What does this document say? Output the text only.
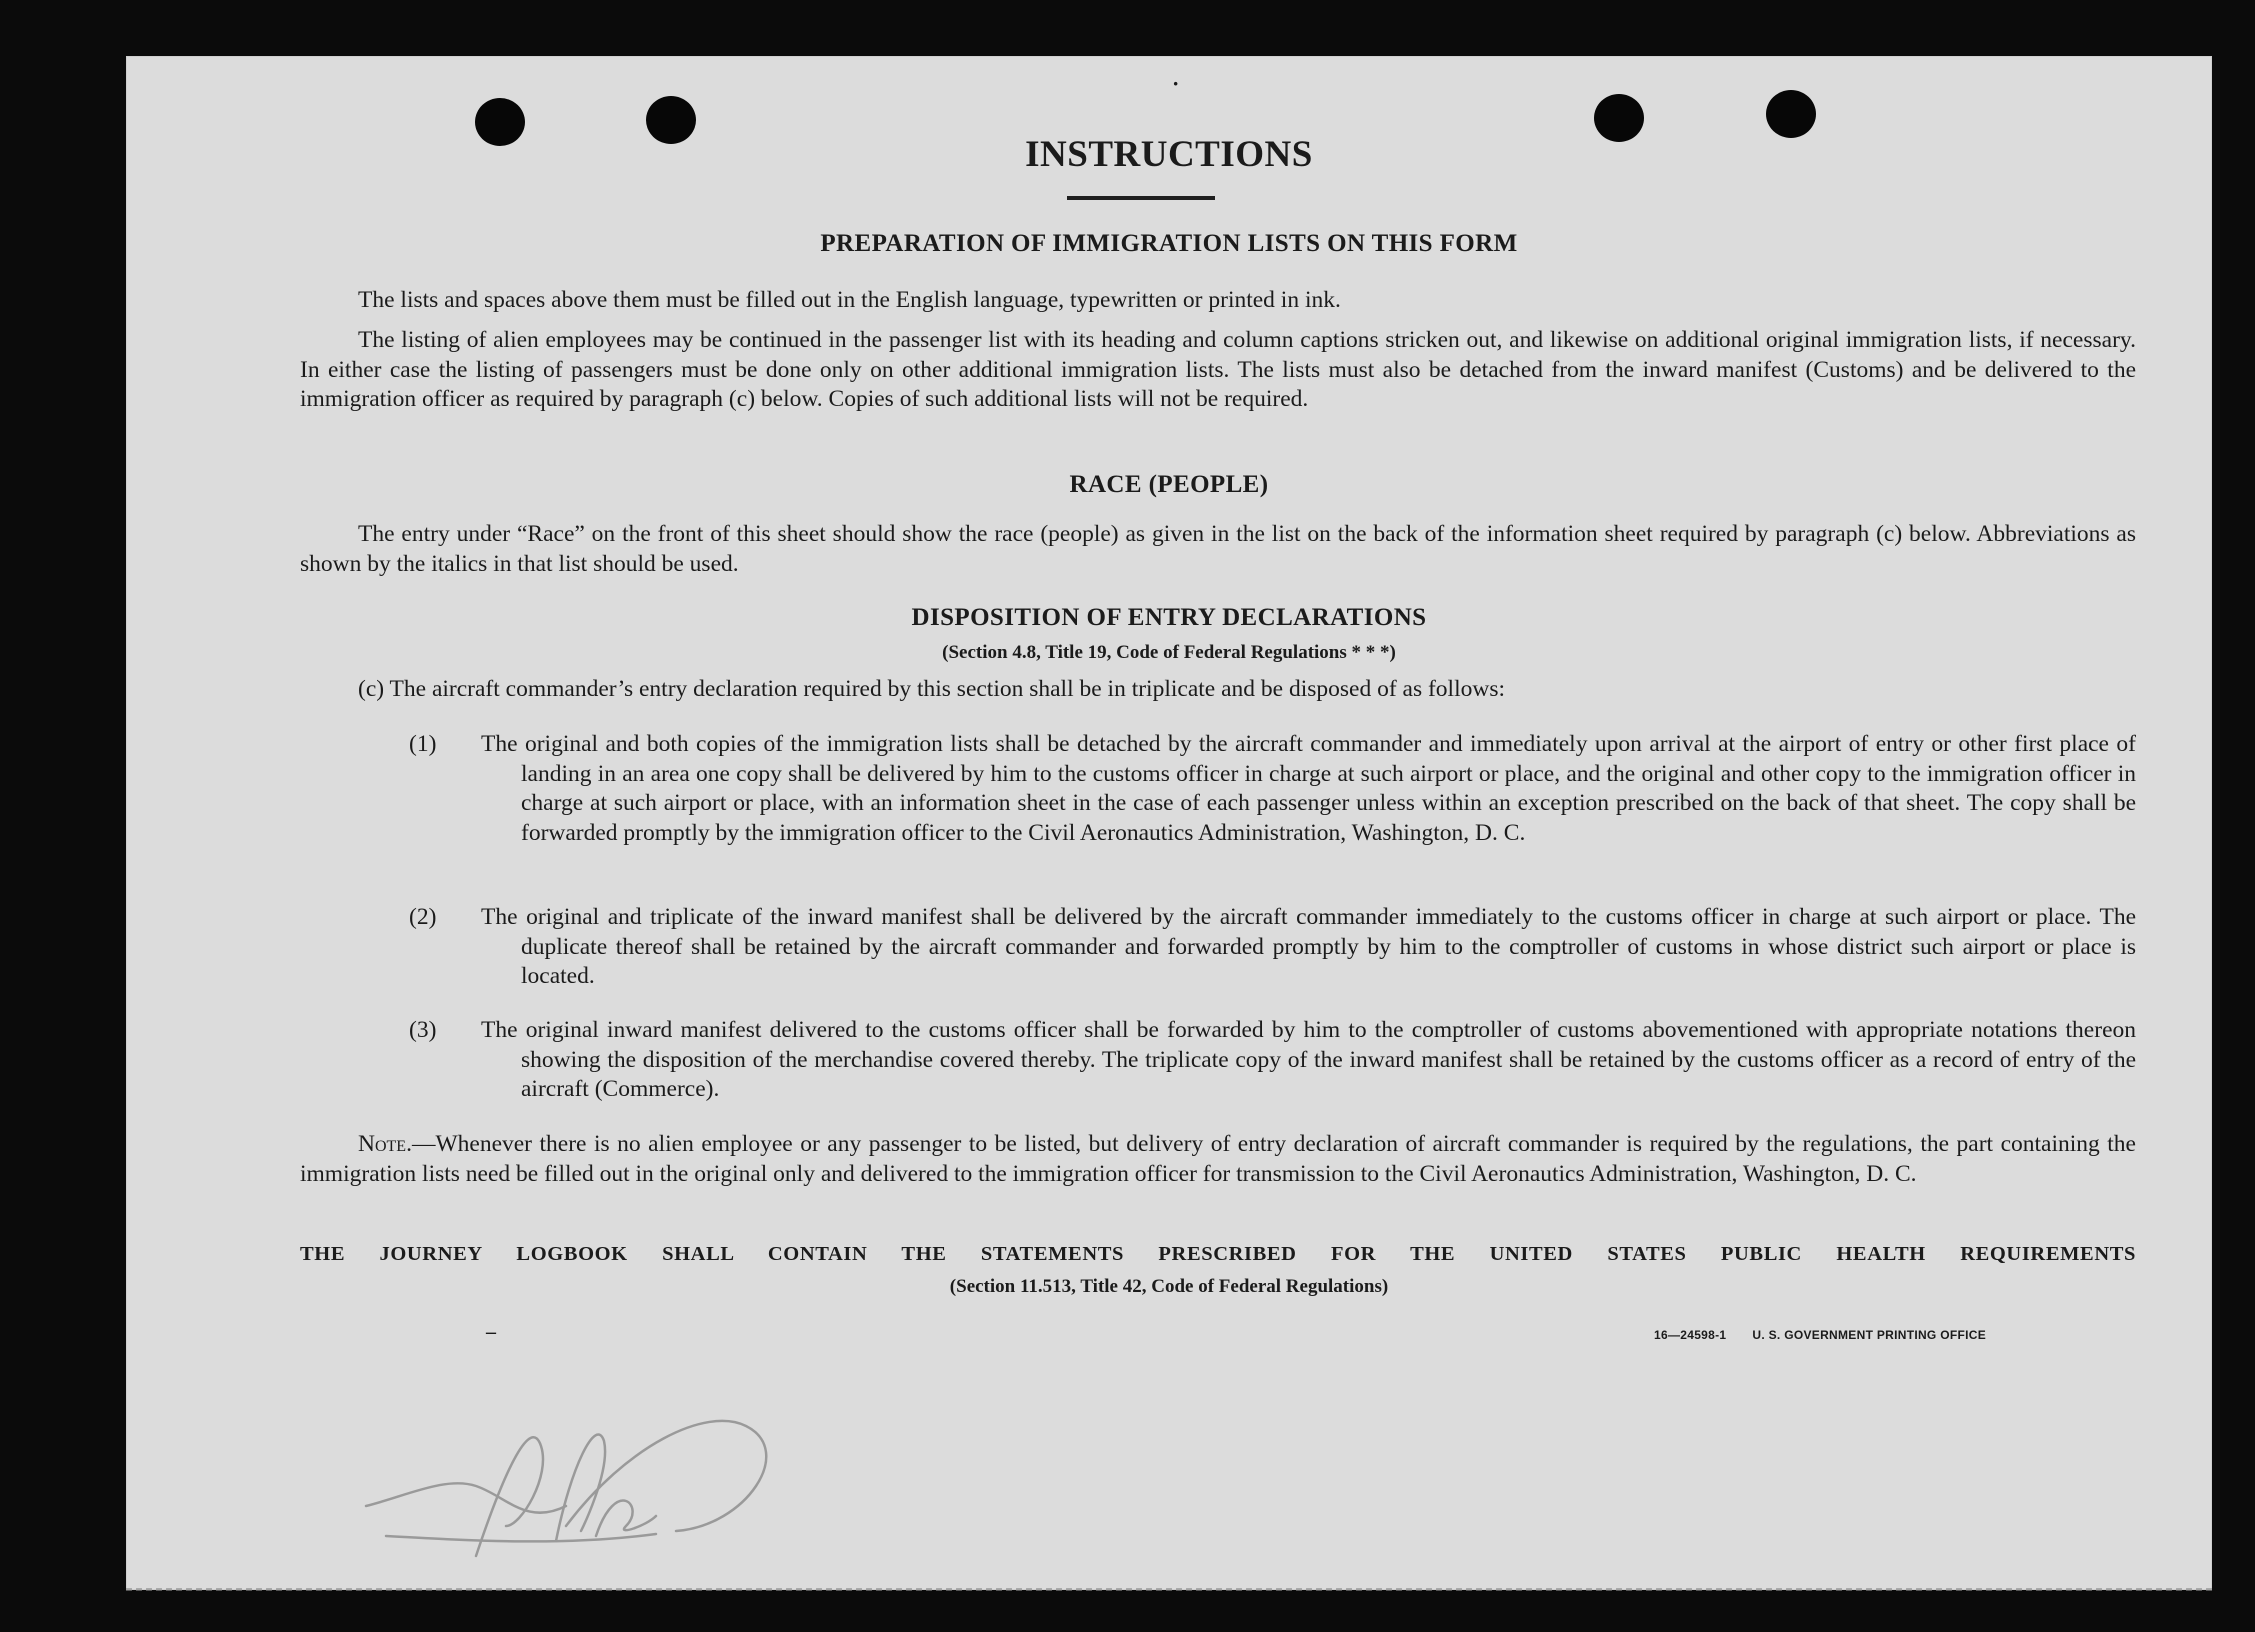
INSTRUCTIONS
PREPARATION OF IMMIGRATION LISTS ON THIS FORM
The lists and spaces above them must be filled out in the English language, typewritten or printed in ink.
The listing of alien employees may be continued in the passenger list with its heading and column captions stricken out, and likewise on additional original immigration lists, if necessary. In either case the listing of passengers must be done only on other additional immigration lists. The lists must also be detached from the inward manifest (Customs) and be delivered to the immigration officer as required by paragraph (c) below. Copies of such additional lists will not be required.
RACE (PEOPLE)
The entry under “Race” on the front of this sheet should show the race (people) as given in the list on the back of the information sheet required by paragraph (c) below. Abbreviations as shown by the italics in that list should be used.
DISPOSITION OF ENTRY DECLARATIONS
(Section 4.8, Title 19, Code of Federal Regulations * * *)
(c) The aircraft commander’s entry declaration required by this section shall be in triplicate and be disposed of as follows:
(1) The original and both copies of the immigration lists shall be detached by the aircraft commander and immediately upon arrival at the airport of entry or other first place of landing in an area one copy shall be delivered by him to the customs officer in charge at such airport or place, and the original and other copy to the immigration officer in charge at such airport or place, with an information sheet in the case of each passenger unless within an exception prescribed on the back of that sheet. The copy shall be forwarded promptly by the immigration officer to the Civil Aeronautics Administration, Washington, D. C.
(2) The original and triplicate of the inward manifest shall be delivered by the aircraft commander immediately to the customs officer in charge at such airport or place. The duplicate thereof shall be retained by the aircraft commander and forwarded promptly by him to the comptroller of customs in whose district such airport or place is located.
(3) The original inward manifest delivered to the customs officer shall be forwarded by him to the comptroller of customs abovementioned with appropriate notations thereon showing the disposition of the merchandise covered thereby. The triplicate copy of the inward manifest shall be retained by the customs officer as a record of entry of the aircraft (Commerce).
Note.—Whenever there is no alien employee or any passenger to be listed, but delivery of entry declaration of aircraft commander is required by the regulations, the part containing the immigration lists need be filled out in the original only and delivered to the immigration officer for transmission to the Civil Aeronautics Administration, Washington, D. C.
THE JOURNEY LOGBOOK SHALL CONTAIN THE STATEMENTS PRESCRIBED FOR THE UNITED STATES PUBLIC HEALTH REQUIREMENTS
(Section 11.513, Title 42, Code of Federal Regulations)
16—24598-1 U. S. GOVERNMENT PRINTING OFFICE
–
·
